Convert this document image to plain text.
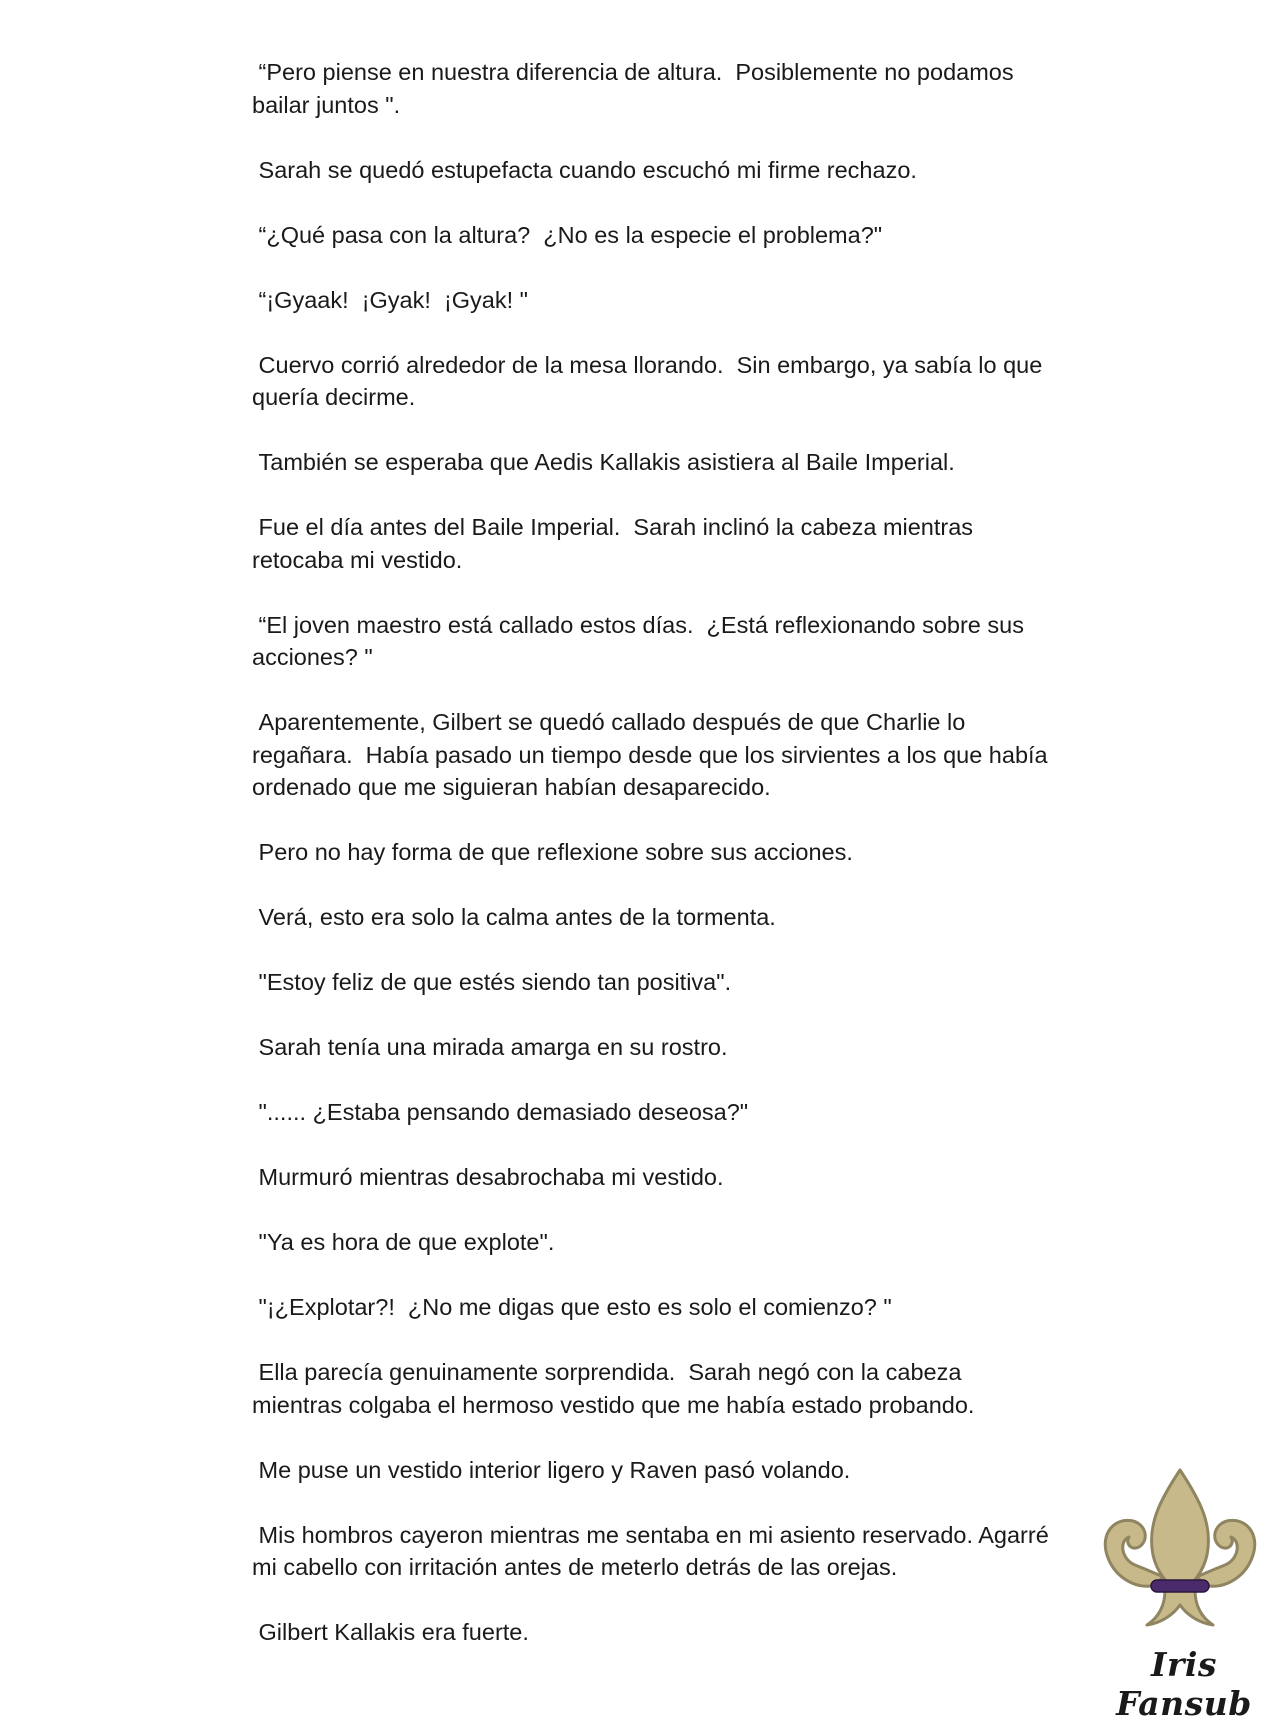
“Pero piense en nuestra diferencia de altura.  Posiblemente no podamos bailar juntos ".

Sarah se quedó estupefacta cuando escuchó mi firme rechazo.

“¿Qué pasa con la altura?  ¿No es la especie el problema?"

“¡Gyaak!  ¡Gyak!  ¡Gyak! "

Cuervo corrió alrededor de la mesa llorando.  Sin embargo, ya sabía lo que quería decirme.

También se esperaba que Aedis Kallakis asistiera al Baile Imperial.

Fue el día antes del Baile Imperial.  Sarah inclinó la cabeza mientras retocaba mi vestido.

“El joven maestro está callado estos días.  ¿Está reflexionando sobre sus acciones? "

Aparentemente, Gilbert se quedó callado después de que Charlie lo regañara.  Había pasado un tiempo desde que los sirvientes a los que había ordenado que me siguieran habían desaparecido.

Pero no hay forma de que reflexione sobre sus acciones.

Verá, esto era solo la calma antes de la tormenta.

"Estoy feliz de que estés siendo tan positiva".

Sarah tenía una mirada amarga en su rostro.

"...... ¿Estaba pensando demasiado deseosa?"

Murmuró mientras desabrochaba mi vestido.

"Ya es hora de que explote".

"¡¿Explotar?!  ¿No me digas que esto es solo el comienzo? "

Ella parecía genuinamente sorprendida.  Sarah negó con la cabeza mientras colgaba el hermoso vestido que me había estado probando.

Me puse un vestido interior ligero y Raven pasó volando.

Mis hombros cayeron mientras me sentaba en mi asiento reservado. Agarré mi cabello con irritación antes de meterlo detrás de las orejas.

Gilbert Kallakis era fuerte.

Iris Fansub
